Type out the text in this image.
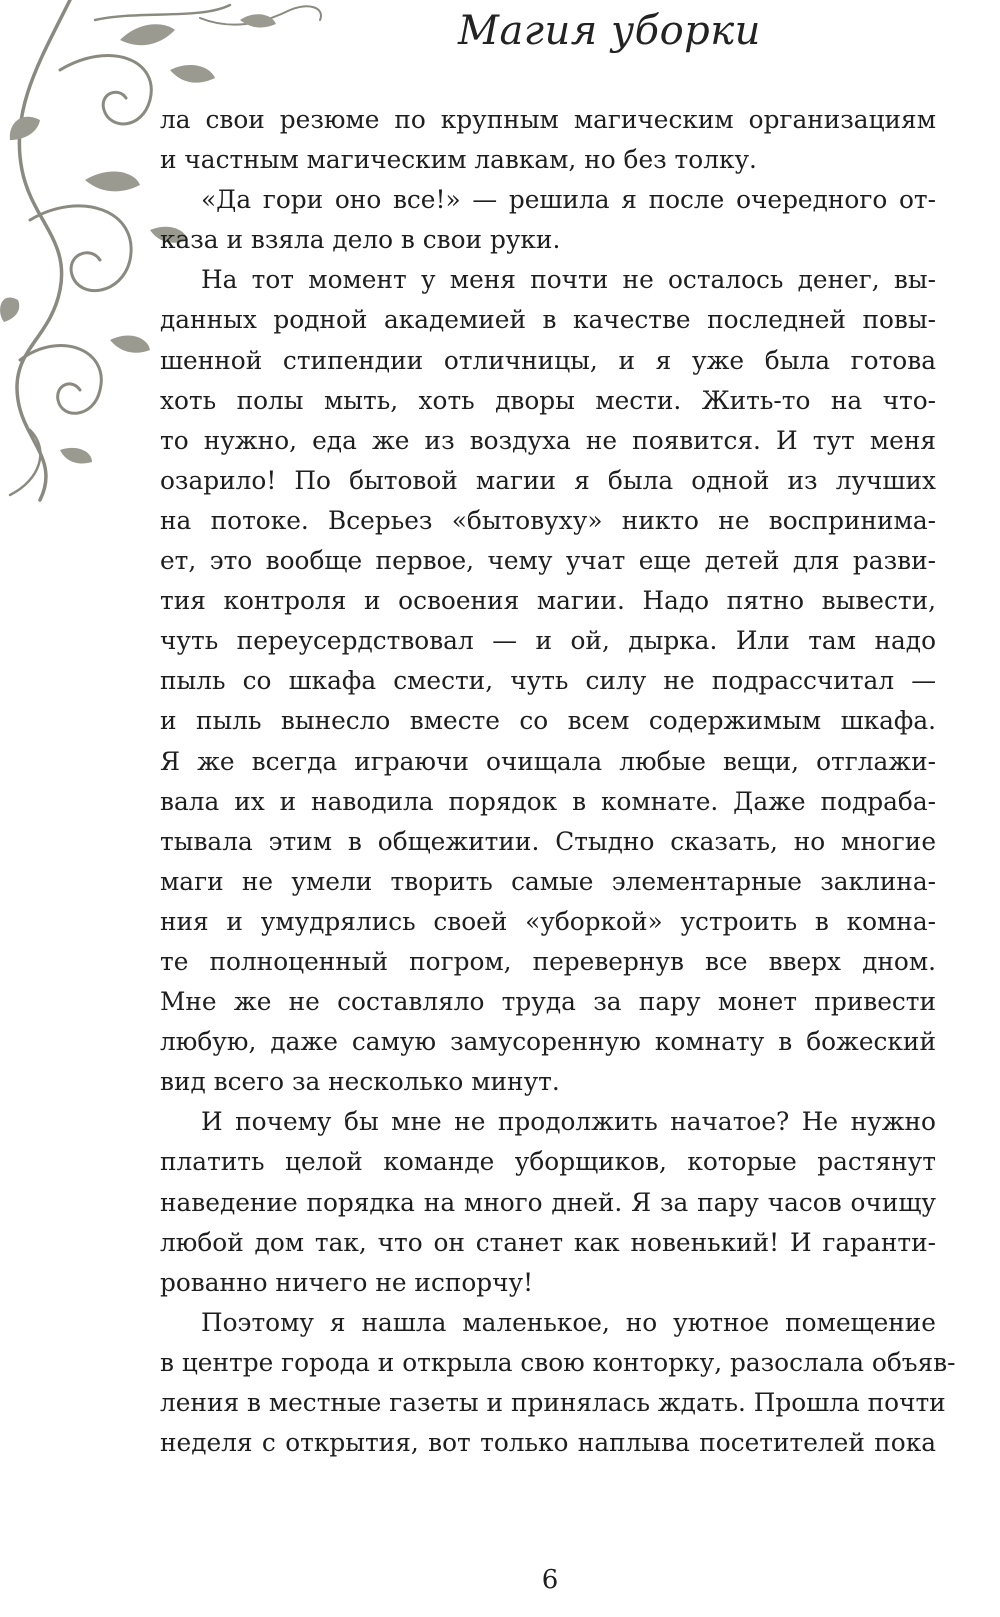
Магия уборки
ла свои резюме по крупным магическим организациям
и частным магическим лавкам, но без толку.
«Да гори оно все!» — решила я после очередного от-
каза и взяла дело в свои руки.
На тот момент у меня почти не осталось денег, вы-
данных родной академией в качестве последней повы-
шенной стипендии отличницы, и я уже была готова
хоть полы мыть, хоть дворы мести. Жить-то на что-
то нужно, еда же из воздуха не появится. И тут меня
озарило! По бытовой магии я была одной из лучших
на потоке. Всерьез «бытовуху» никто не воспринима-
ет, это вообще первое, чему учат еще детей для разви-
тия контроля и освоения магии. Надо пятно вывести,
чуть переусердствовал — и ой, дырка. Или там надо
пыль со шкафа смести, чуть силу не подрассчитал —
и пыль вынесло вместе со всем содержимым шкафа.
Я же всегда играючи очищала любые вещи, отглажи-
вала их и наводила порядок в комнате. Даже подраба-
тывала этим в общежитии. Стыдно сказать, но многие
маги не умели творить самые элементарные заклина-
ния и умудрялись своей «уборкой» устроить в комна-
те полноценный погром, перевернув все вверх дном.
Мне же не составляло труда за пару монет привести
любую, даже самую замусоренную комнату в божеский
вид всего за несколько минут.
И почему бы мне не продолжить начатое? Не нужно
платить целой команде уборщиков, которые растянут
наведение порядка на много дней. Я за пару часов очищу
любой дом так, что он станет как новенький! И гаранти-
рованно ничего не испорчу!
Поэтому я нашла маленькое, но уютное помещение
в центре города и открыла свою конторку, разослала объяв-
ления в местные газеты и принялась ждать. Прошла почти
неделя с открытия, вот только наплыва посетителей пока
6
